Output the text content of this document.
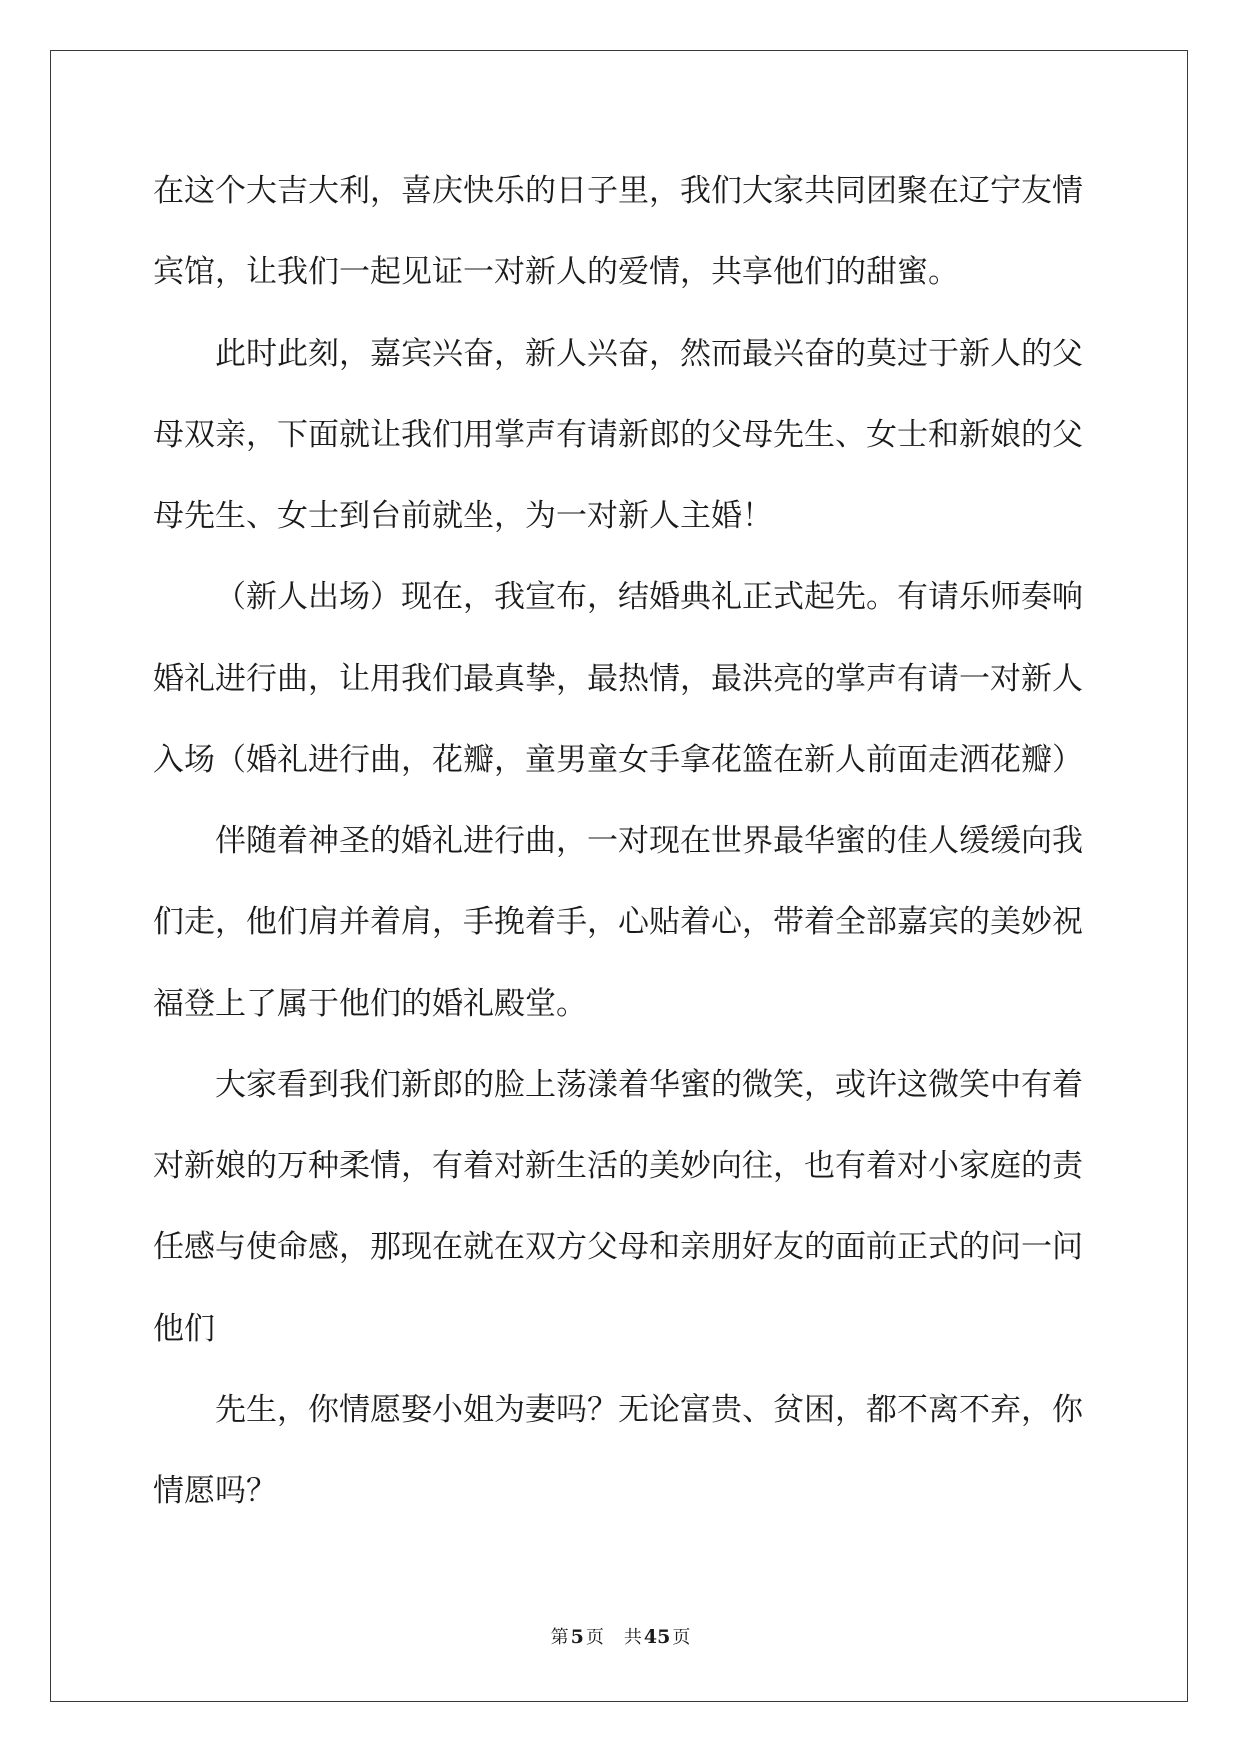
在这个大吉大利，喜庆快乐的日子里，我们大家共同团聚在辽宁友情
宾馆，让我们一起见证一对新人的爱情，共享他们的甜蜜。
此时此刻，嘉宾兴奋，新人兴奋，然而最兴奋的莫过于新人的父
母双亲，下面就让我们用掌声有请新郎的父母先生、女士和新娘的父
母先生、女士到台前就坐，为一对新人主婚！
（新人出场）现在，我宣布，结婚典礼正式起先。有请乐师奏响
婚礼进行曲，让用我们最真挚，最热情，最洪亮的掌声有请一对新人
入场（婚礼进行曲，花瓣，童男童女手拿花篮在新人前面走洒花瓣）
伴随着神圣的婚礼进行曲，一对现在世界最华蜜的佳人缓缓向我
们走，他们肩并着肩，手挽着手，心贴着心，带着全部嘉宾的美妙祝
福登上了属于他们的婚礼殿堂。
大家看到我们新郎的脸上荡漾着华蜜的微笑，或许这微笑中有着
对新娘的万种柔情，有着对新生活的美妙向往，也有着对小家庭的责
任感与使命感，那现在就在双方父母和亲朋好友的面前正式的问一问
他们
先生，你情愿娶小姐为妻吗？无论富贵、贫困，都不离不弃，你
情愿吗？
第 5 页 共 45 页
